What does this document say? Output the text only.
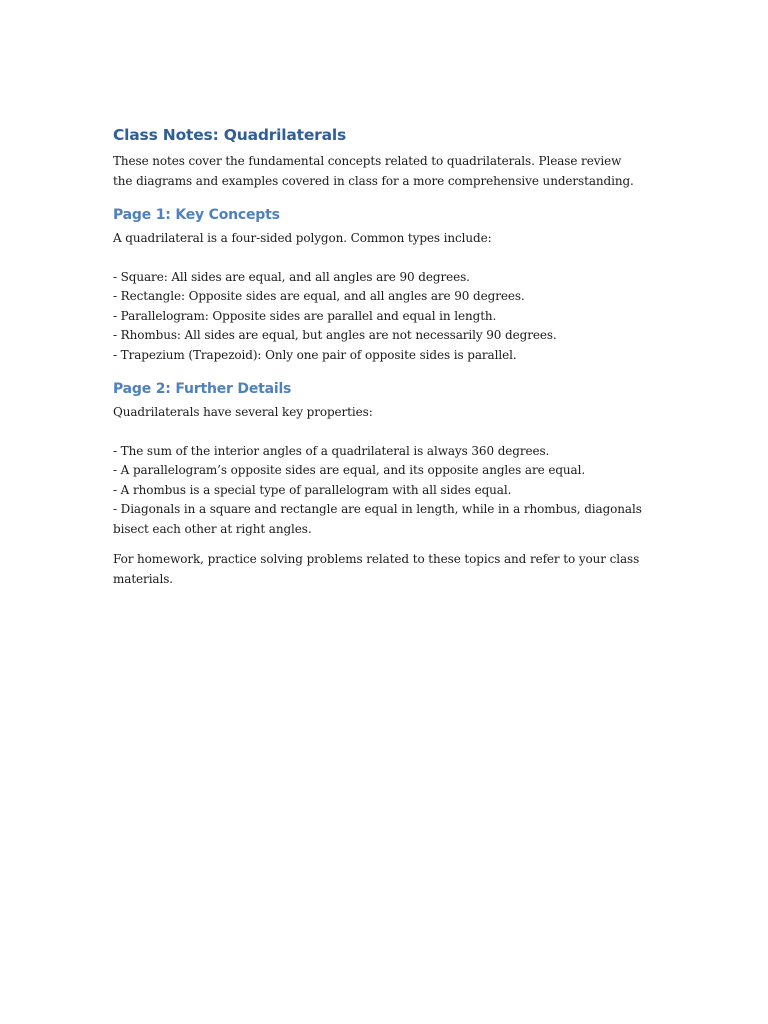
Class Notes: Quadrilaterals

These notes cover the fundamental concepts related to quadrilaterals. Please review the diagrams and examples covered in class for a more comprehensive understanding.

Page 1: Key Concepts

A quadrilateral is a four-sided polygon. Common types include:

- Square: All sides are equal, and all angles are 90 degrees.
- Rectangle: Opposite sides are equal, and all angles are 90 degrees.
- Parallelogram: Opposite sides are parallel and equal in length.
- Rhombus: All sides are equal, but angles are not necessarily 90 degrees.
- Trapezium (Trapezoid): Only one pair of opposite sides is parallel.
Page 2: Further Details

Quadrilaterals have several key properties:

- The sum of the interior angles of a quadrilateral is always 360 degrees.
- A parallelogram’s opposite sides are equal, and its opposite angles are equal.
- A rhombus is a special type of parallelogram with all sides equal.
- Diagonals in a square and rectangle are equal in length, while in a rhombus, diagonals bisect each other at right angles.

For homework, practice solving problems related to these topics and refer to your class materials.
